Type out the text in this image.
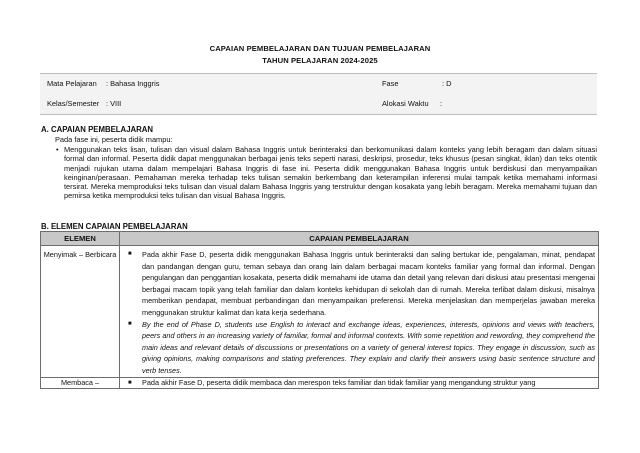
CAPAIAN PEMBELAJARAN DAN TUJUAN PEMBELAJARAN
TAHUN PELAJARAN 2024-2025
Mata Pelajaran : Bahasa Inggris	Fase	: D
Kelas/Semester : VIII	Alokasi Waktu :
A. CAPAIAN PEMBELAJARAN
Pada fase ini, peserta didik mampu:
• Menggunakan teks lisan, tulisan dan visual dalam Bahasa Inggris untuk berinteraksi dan berkomunikasi dalam konteks yang lebih beragam dan dalam situasi formal dan informal. Peserta didik dapat menggunakan berbagai jenis teks seperti narasi, deskripsi, prosedur, teks khusus (pesan singkat, iklan) dan teks otentik menjadi rujukan utama dalam mempelajari Bahasa Inggris di fase ini. Peserta didik menggunakan Bahasa Inggris untuk berdiskusi dan menyampaikan keinginan/perasaan. Pemahaman mereka terhadap teks tulisan semakin berkembang dan keterampilan inferensi mulai tampak ketika memahami informasi tersirat. Mereka memproduksi teks tulisan dan visual dalam Bahasa Inggris yang terstruktur dengan kosakata yang lebih beragam. Mereka memahami tujuan dan pemirsa ketika memproduksi teks tulisan dan visual Bahasa Inggris.
B. ELEMEN CAPAIAN PEMBELAJARAN
ELEMEN	CAPAIAN PEMBELAJARAN
Menyimak – Berbicara	■ Pada akhir Fase D, peserta didik menggunakan Bahasa Inggris untuk berinteraksi dan saling bertukar ide, pengalaman, minat, pendapat dan pandangan dengan guru, teman sebaya dan orang lain dalam berbagai macam konteks familiar yang formal dan informal. Dengan pengulangan dan penggantian kosakata, peserta didik memahami ide utama dan detail yang relevan dari diskusi atau presentasi mengenai berbagai macam topik yang telah familiar dan dalam konteks kehidupan di sekolah dan di rumah. Mereka terlibat dalam diskusi, misalnya memberikan pendapat, membuat perbandingan dan menyampaikan preferensi. Mereka menjelaskan dan memperjelas jawaban mereka menggunakan struktur kalimat dan kata kerja sederhana.
■ By the end of Phase D, students use English to interact and exchange ideas, experiences, interests, opinions and views with teachers, peers and others in an increasing variety of familiar, formal and informal contexts. With some repetition and rewording, they comprehend the main ideas and relevant details of discussions or presentations on a variety of general interest topics. They engage in discussion, such as giving opinions, making comparisons and stating preferences. They explain and clarify their answers using basic sentence structure and verb tenses.

Membaca –	■ Pada akhir Fase D, peserta didik membaca dan merespon teks familiar dan tidak familiar yang mengandung struktur yang
